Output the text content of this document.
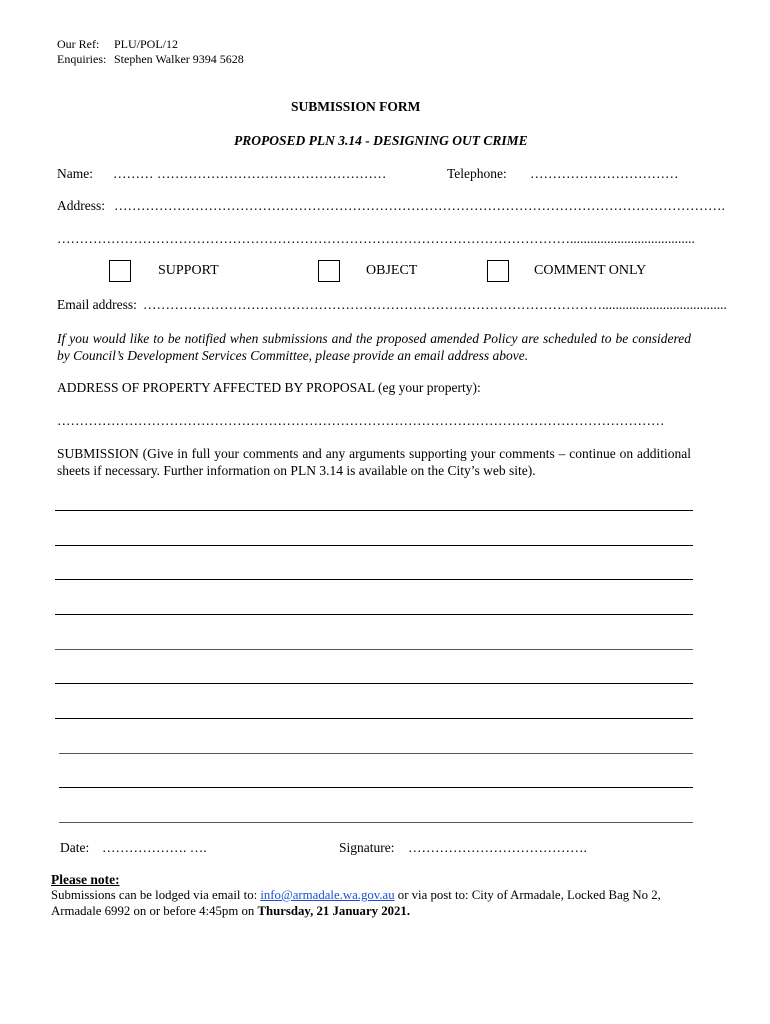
Our Ref: PLU/POL/12
Enquiries: Stephen Walker 9394 5628
SUBMISSION FORM
PROPOSED PLN 3.14 - DESIGNING OUT CRIME
Name: ……… ……………………………………………	Telephone: ……………………………
Address: ……………………………………………………………………………………………………………………….
…………………………………………………………………………………………………….....................................
SUPPORT	OBJECT	COMMENT ONLY
Email address: ………………………………………………………………………………………….....................................
If you would like to be notified when submissions and the proposed amended Policy are scheduled to be considered by Council’s Development Services Committee, please provide an email address above.
ADDRESS OF PROPERTY AFFECTED BY PROPOSAL (eg your property):
………………………………………………………………………………………………………………………
SUBMISSION (Give in full your comments and any arguments supporting your comments – continue on additional sheets if necessary. Further information on PLN 3.14 is available on the City’s web site).
Date: ………………. ….	Signature: ………………………………….
Please note:
Submissions can be lodged via email to: info@armadale.wa.gov.au or via post to: City of Armadale, Locked Bag No 2,
Armadale 6992 on or before 4:45pm on Thursday, 21 January 2021.
